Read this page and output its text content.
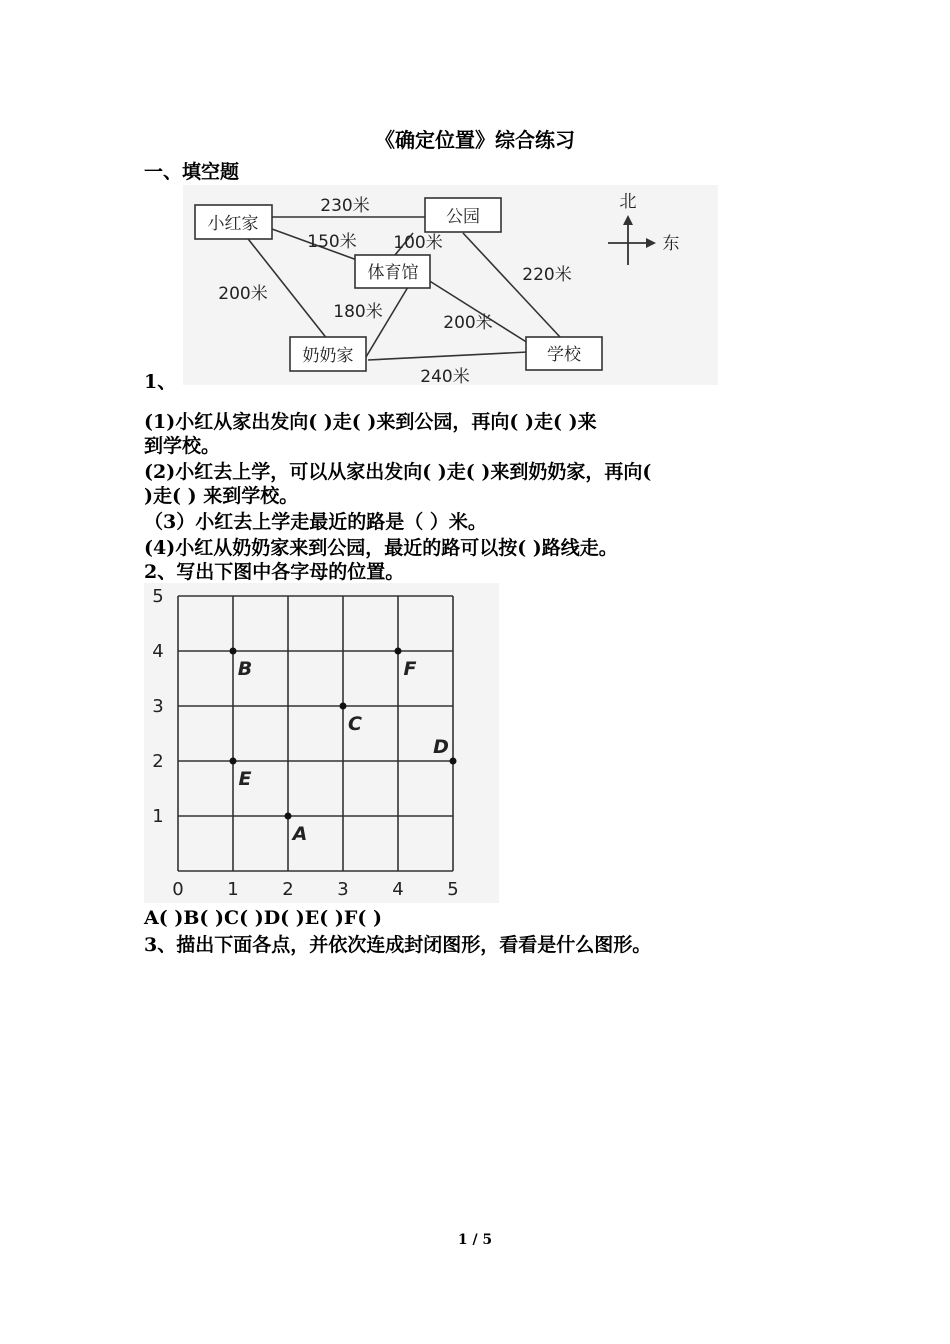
《确定位置》综合练习
一、填空题
小红家	公园
体育馆
奶奶家	学校
230米
150米 100米
220米
200米
180米
200米
240米
北
东
1、
(1)小红从家出发向( )走( )来到公园，再向( )走( )来
到学校。
(2)小红去上学，可以从家出发向( )走( )来到奶奶家，再向(
)走( ) 来到学校。
（3）小红去上学走最近的路是（ ）米。
(4)小红从奶奶家来到公园，最近的路可以按( )路线走。
2、写出下图中各字母的位置。
0 1 2 3 4 5
1
2
3
4
5
A
B
C
D
E
F
A( )B( )C( )D( )E( )F( )
3、描出下面各点，并依次连成封闭图形，看看是什么图形。
1 / 5
